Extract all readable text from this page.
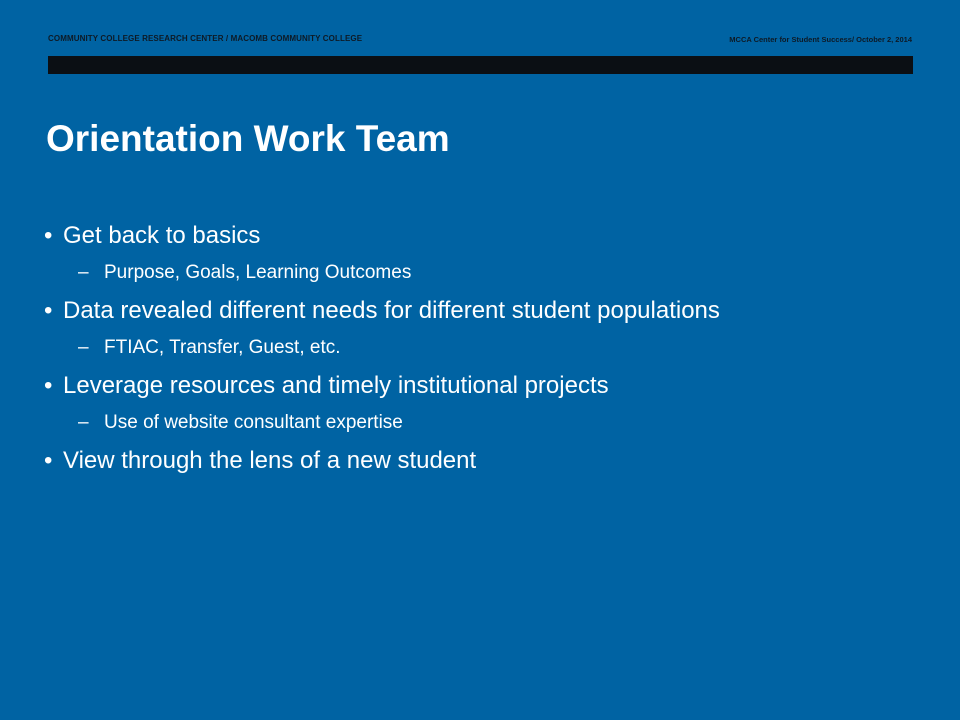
COMMUNITY COLLEGE RESEARCH CENTER / MACOMB COMMUNITY COLLEGE	MCCA Center for Student Success/ October 2, 2014
Orientation Work Team
• Get back to basics
– Purpose, Goals, Learning Outcomes
• Data revealed different needs for different student populations
– FTIAC, Transfer, Guest, etc.
• Leverage resources and timely institutional projects
– Use of website consultant expertise
• View through the lens of a new student
